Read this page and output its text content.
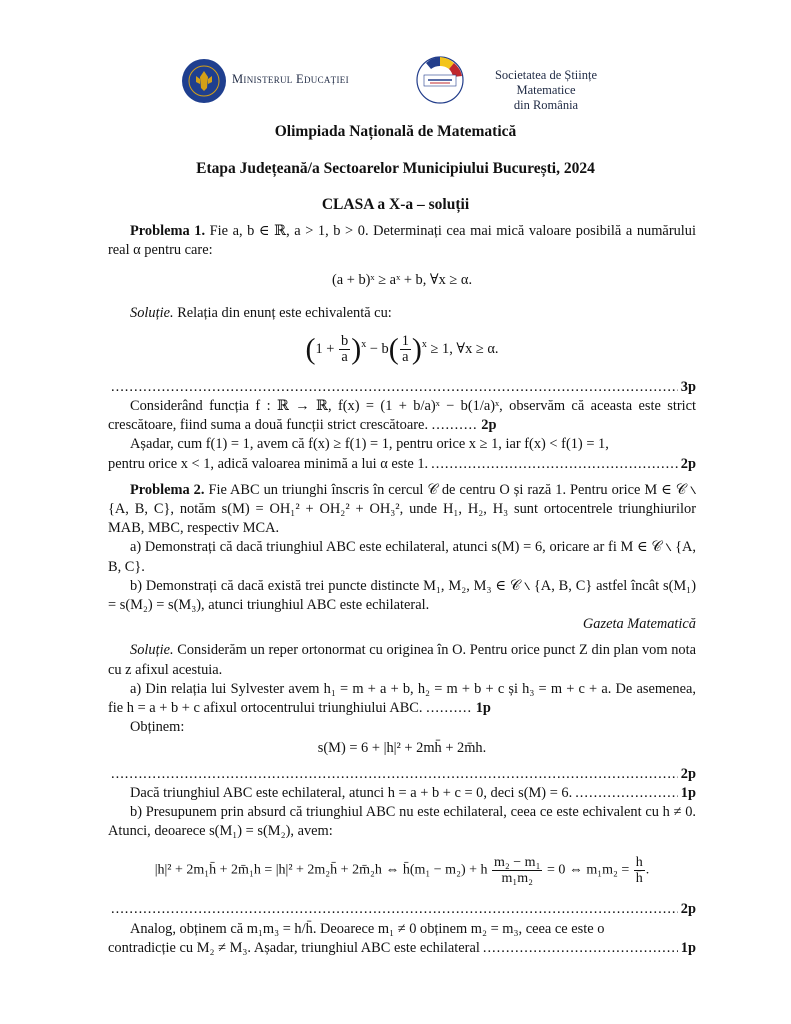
Ministerul Educației	Societatea de Științe Matematice
din România
Olimpiada Națională de Matematică
Etapa Județeană/a Sectoarelor Municipiului București, 2024
CLASA a X-a – soluții

Problema 1. Fie a, b ∈ ℝ, a > 1, b > 0. Determinați cea mai mică valoare posibilă a numărului real α pentru care:

(a + b)ˣ ≥ aˣ + b, ∀x ≥ α.

Soluție. Relația din enunț este echivalentă cu:

$(1 + \frac{b}{a} )^x - b( \frac{1}{a} )^x \ge 1$, ∀x ≥ α.
.....
3p

Considerând funcția f : ℝ → ℝ, f(x) = (1 + b/a)ˣ − b(1/a)ˣ, observăm că aceasta este strict crescătoare, fiind suma a două funcții strict crescătoare. .......... 2p

Așadar, cum f(1) = 1, avem că f(x) ≥ f(1) = 1, pentru orice x ≥ 1, iar f(x) < f(1) = 1,

pentru orice x < 1, adică valoarea minimă a lui α este 1. .....	2p

Problema 2. Fie ABC un triunghi înscris în cercul 𝒞 de centru O și rază 1. Pentru orice M ∈ 𝒞 ∖ {A, B, C}, notăm s(M) = OH₁² + OH₂² + OH₃², unde H₁, H₂, H₃ sunt ortocentrele triunghiurilor MAB, MBC, respectiv MCA.

a) Demonstrați că dacă triunghiul ABC este echilateral, atunci s(M) = 6, oricare ar fi M ∈ 𝒞 ∖ {A, B, C}.

b) Demonstrați că dacă există trei puncte distincte M₁, M₂, M₃ ∈ 𝒞 ∖ {A, B, C} astfel încât s(M₁) = s(M₂) = s(M₃), atunci triunghiul ABC este echilateral.

Gazeta Matematică

Soluție. Considerăm un reper ortonormat cu originea în O. Pentru orice punct Z din plan vom nota cu z afixul acestuia.

a) Din relația lui Sylvester avem h₁ = m + a + b, h₂ = m + b + c și h₃ = m + c + a. De asemenea, fie h = a + b + c afixul ortocentrului triunghiului ABC. .......... 1p

Obținem:

s(M) = 6 + |h|² + 2mh̄ + 2m̄h.
.....
2p
Dacă triunghiul ABC este echilateral, atunci h = a + b + c = 0, deci s(M) = 6. .....	1p

b) Presupunem prin absurd că triunghiul ABC nu este echilateral, ceea ce este echivalent cu h ≠ 0. Atunci, deoarece s(M₁) = s(M₂), avem:

|h|² + 2m₁h̄ + 2m̄₁h = |h|² + 2m₂h̄ + 2m̄₂h ⇔ h̄(m₁ − m₂) + h $\frac{\text{m₂ − m₁}}{\text{m₁m₂}} = 0$ ⇔ $m_1m_2 = \frac{h}{h̄}$ .
.....
2p

Analog, obținem că m₁m₃ = h/h̄. Deoarece m₁ ≠ 0 obținem m₂ = m₃, ceea ce este o

contradicție cu M₂ ≠ M₃. Așadar, triunghiul ABC este echilateral .....	1p
